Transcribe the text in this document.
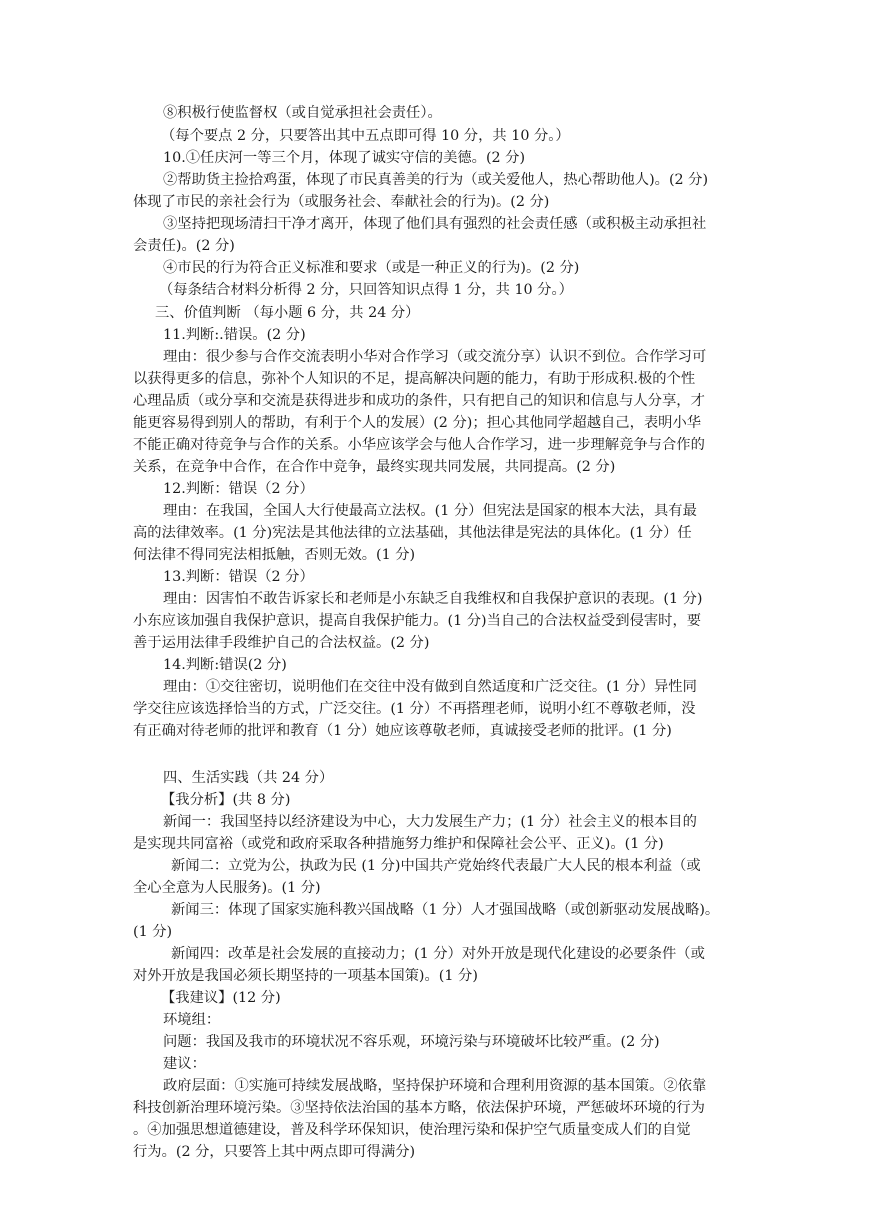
⑧积极行使监督权（或自觉承担社会责任）。
（每个要点 2 分，只要答出其中五点即可得 10 分，共 10 分。）
10.①任庆河一等三个月，体现了诚实守信的美德。(2 分)
②帮助货主捡拾鸡蛋，体现了市民真善美的行为（或关爱他人，热心帮助他人)。(2 分)
体现了市民的亲社会行为（或服务社会、奉献社会的行为)。(2 分)
③坚持把现场清扫干净才离开，体现了他们具有强烈的社会责任感（或积极主动承担社
会责任)。(2 分)
④市民的行为符合正义标准和要求（或是一种正义的行为)。(2 分)
（每条结合材料分析得 2 分，只回答知识点得 1 分，共 10 分。）
三、价值判断 （每小题 6 分，共 24 分）
11.判断:.错误。(2 分)
理由：很少参与合作交流表明小华对合作学习（或交流分享）认识不到位。合作学习可
以获得更多的信息，弥补个人知识的不足，提高解决问题的能力，有助于形成积.极的个性
心理品质（或分享和交流是获得进步和成功的条件，只有把自己的知识和信息与人分享，才
能更容易得到别人的帮助，有利于个人的发展）(2 分)；担心其他同学超越自己，表明小华
不能正确对待竞争与合作的关系。小华应该学会与他人合作学习，进一步理解竞争与合作的
关系，在竞争中合作，在合作中竞争，最终实现共同发展，共同提高。(2 分)
12.判断：错误（2 分）
理由：在我国，全国人大行使最高立法权。(1 分）但宪法是国家的根本大法，具有最
高的法律效率。(1 分)宪法是其他法律的立法基础，其他法律是宪法的具体化。(1 分）任
何法律不得同宪法相抵触，否则无效。(1 分)
13.判断：错误（2 分）
理由：因害怕不敢告诉家长和老师是小东缺乏自我维权和自我保护意识的表现。(1 分)
小东应该加强自我保护意识，提高自我保护能力。(1 分)当自己的合法权益受到侵害时，要
善于运用法律手段维护自己的合法权益。(2 分)
14.判断:错误(2 分)
理由：①交往密切，说明他们在交往中没有做到自然适度和广泛交往。(1 分）异性同
学交往应该选择恰当的方式，广泛交往。(1 分）不再搭理老师，说明小红不尊敬老师，没
有正确对待老师的批评和教育（1 分）她应该尊敬老师，真诚接受老师的批评。(1 分)
四、生活实践（共 24 分）
【我分析】(共 8 分)
新闻一：我国坚持以经济建设为中心，大力发展生产力；(1 分）社会主义的根本目的
是实现共同富裕（或党和政府采取各种措施努力维护和保障社会公平、正义)。(1 分)
新闻二：立党为公，执政为民 (1 分)中国共产党始终代表最广大人民的根本利益（或
全心全意为人民服务)。(1 分)
新闻三：体现了国家实施科教兴国战略（1 分）人才强国战略（或创新驱动发展战略)。
(1 分)
新闻四：改革是社会发展的直接动力；(1 分）对外开放是现代化建设的必要条件（或
对外开放是我国必须长期坚持的一项基本国策)。(1 分)
【我建议】(12 分)
环境组：
问题：我国及我市的环境状况不容乐观，环境污染与环境破坏比较严重。(2 分)
建议：
政府层面：①实施可持续发展战略，坚持保护环境和合理利用资源的基本国策。②依靠
科技创新治理环境污染。③坚持依法治国的基本方略，依法保护环境，严惩破坏环境的行为
。④加强思想道德建设，普及科学环保知识，使治理污染和保护空气质量变成人们的自觉
行为。(2 分，只要答上其中两点即可得满分)
